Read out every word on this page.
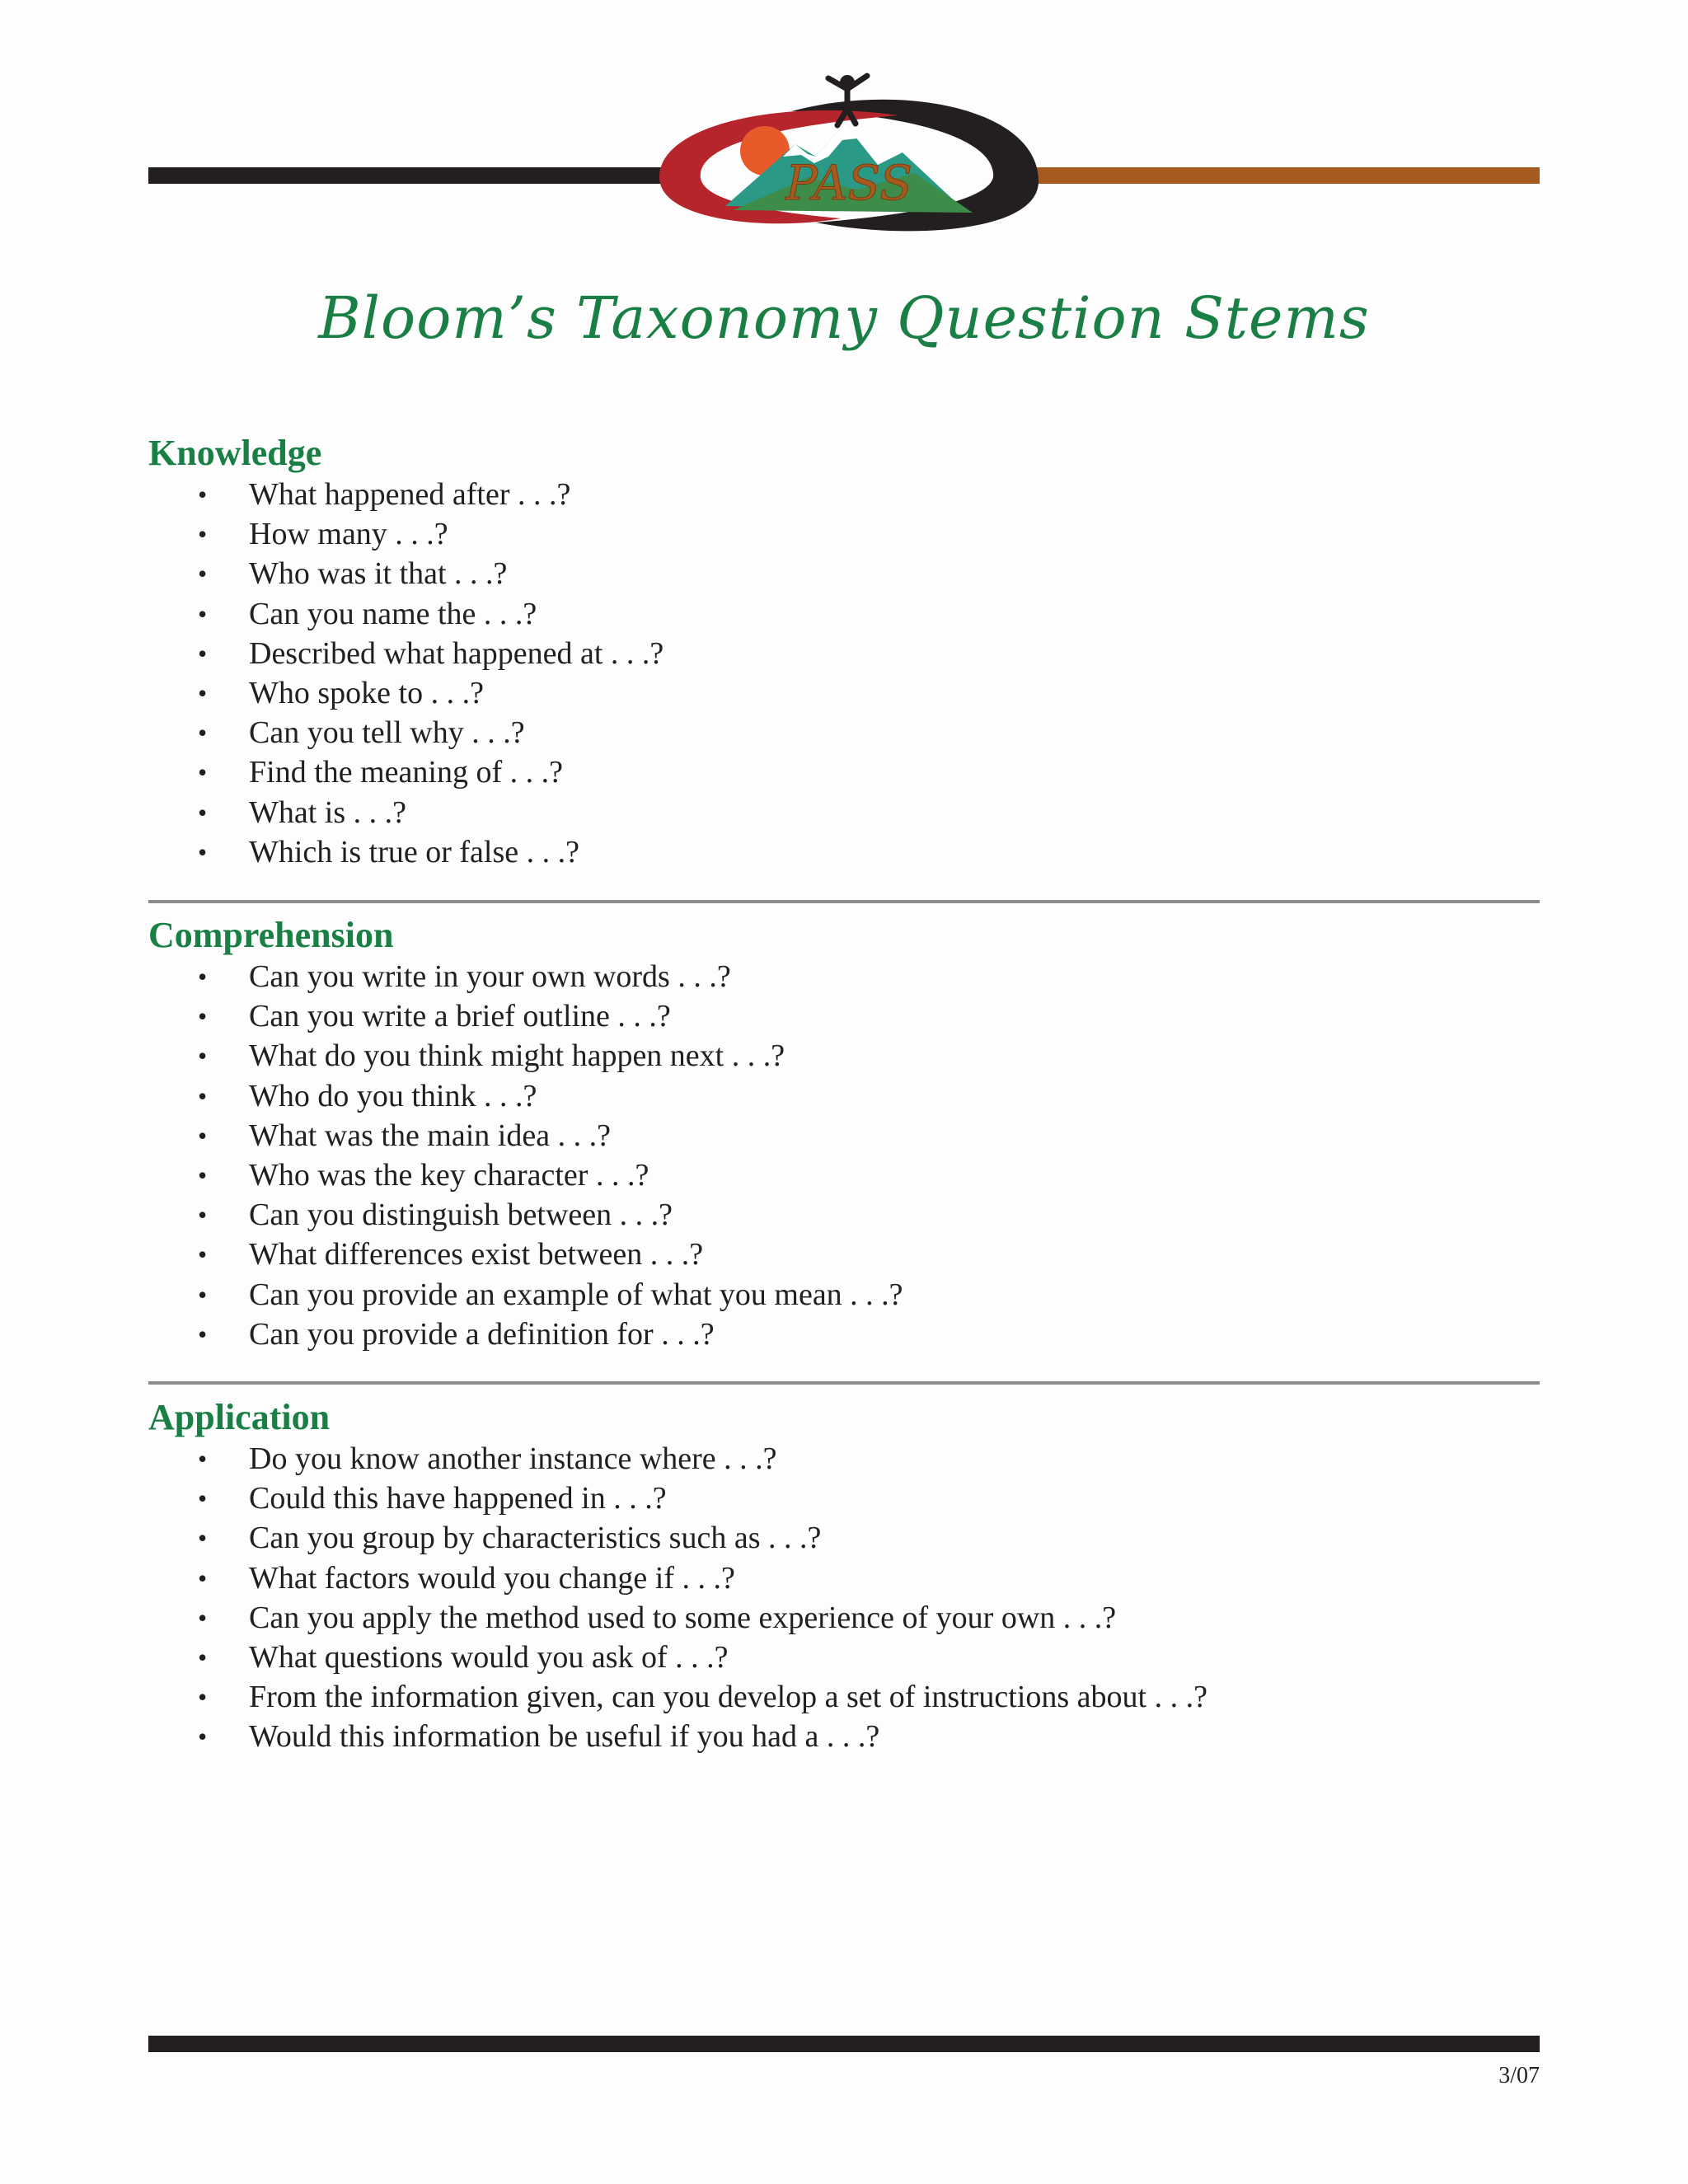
PASS
Bloom’s Taxonomy Question Stems
Knowledge
• What happened after . . .?
• How many . . .?
• Who was it that . . .?
• Can you name the . . .?
• Described what happened at . . .?
• Who spoke to . . .?
• Can you tell why . . .?
• Find the meaning of . . .?
• What is . . .?
• Which is true or false . . .?
Comprehension
• Can you write in your own words . . .?
• Can you write a brief outline . . .?
• What do you think might happen next . . .?
• Who do you think . . .?
• What was the main idea . . .?
• Who was the key character . . .?
• Can you distinguish between . . .?
• What differences exist between . . .?
• Can you provide an example of what you mean . . .?
• Can you provide a definition for . . .?
Application
• Do you know another instance where . . .?
• Could this have happened in . . .?
• Can you group by characteristics such as . . .?
• What factors would you change if . . .?
• Can you apply the method used to some experience of your own . . .?
• What questions would you ask of . . .?
• From the information given, can you develop a set of instructions about . . .?
• Would this information be useful if you had a . . .?
3/07
